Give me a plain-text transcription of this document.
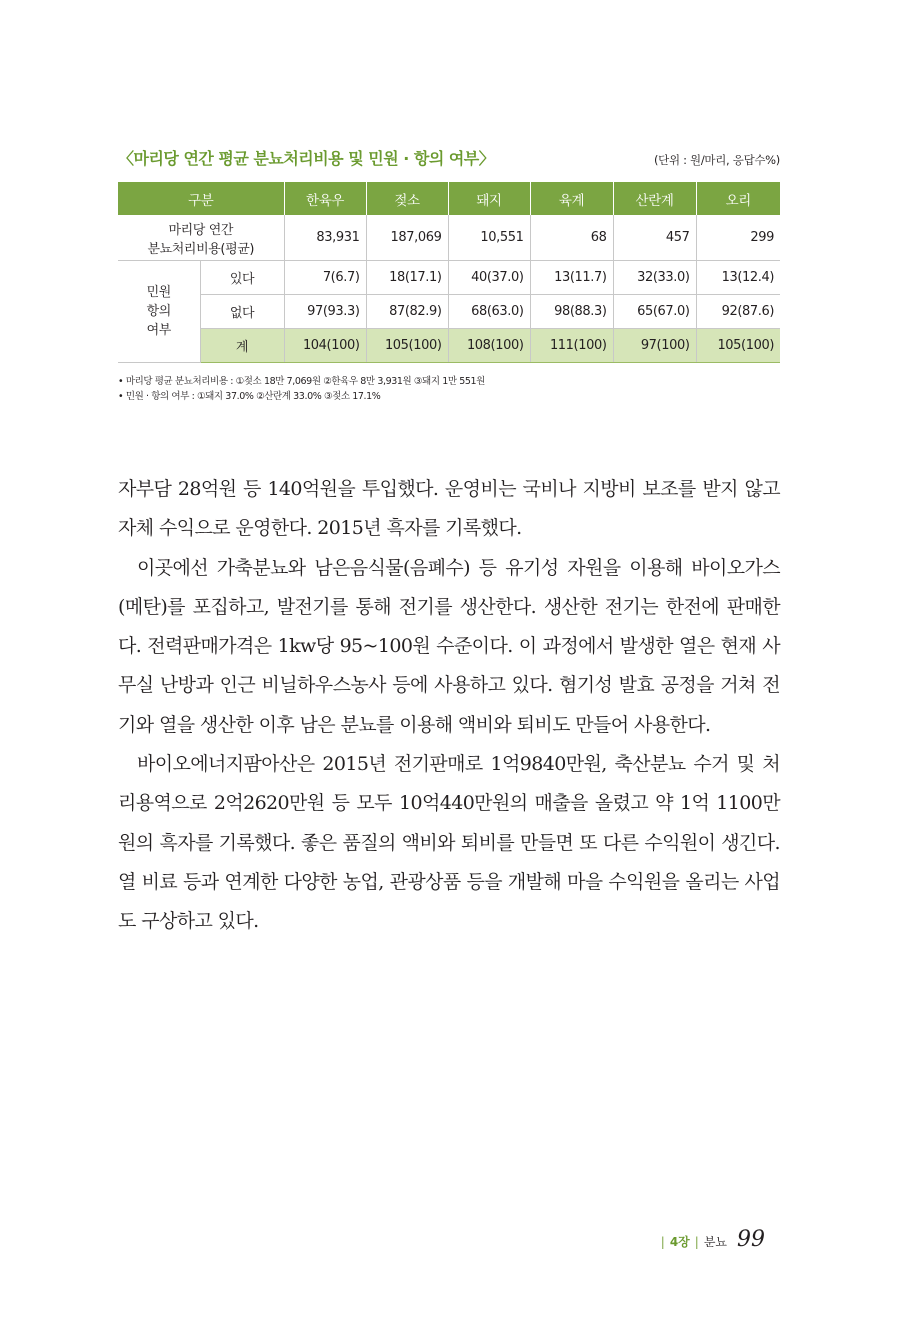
〈마리당 연간 평균 분뇨처리비용 및 민원 · 항의 여부〉	(단위 : 원/마리, 응답수%)
구분		한육우	젖소	돼지	육계	산란계	오리

마리당 연간
분뇨처리비용(평균)		83,931	187,069	10,551	68	457	299

민원
항의
여부	있다	7(6.7)	18(17.1)	40(37.0)	13(11.7)	32(33.0)	13(12.4)
	없다	97(93.3)	87(82.9)	68(63.0)	98(88.3)	65(67.0)	92(87.6)
	계	104(100)	105(100)	108(100)	111(100)	97(100)	105(100)
• 마리당 평균 분뇨처리비용 : ①젖소 18만 7,069원 ②한육우 8만 3,931원 ③돼지 1만 551원
• 민원 · 항의 여부 : ①돼지 37.0% ②산란계 33.0% ③젖소 17.1%

자부담 28억원 등 140억원을 투입했다. 운영비는 국비나 지방비 보조를 받지 않고 자체 수익으로 운영한다. 2015년 흑자를 기록했다.

이곳에선 가축분뇨와 남은음식물(음폐수) 등 유기성 자원을 이용해 바이오가스(메탄)를 포집하고, 발전기를 통해 전기를 생산한다. 생산한 전기는 한전에 판매한다. 전력판매가격은 1kw당 95~100원 수준이다. 이 과정에서 발생한 열은 현재 사무실 난방과 인근 비닐하우스농사 등에 사용하고 있다. 혐기성 발효 공정을 거쳐 전기와 열을 생산한 이후 남은 분뇨를 이용해 액비와 퇴비도 만들어 사용한다.

바이오에너지팜아산은 2015년 전기판매로 1억9840만원, 축산분뇨 수거 및 처리용역으로 2억2620만원 등 모두 10억440만원의 매출을 올렸고 약 1억 1100만원의 흑자를 기록했다. 좋은 품질의 액비와 퇴비를 만들면 또 다른 수익원이 생긴다. 열 비료 등과 연계한 다양한 농업, 관광상품 등을 개발해 마을 수익원을 올리는 사업도 구상하고 있다.

| 4장 | 분뇨 99
